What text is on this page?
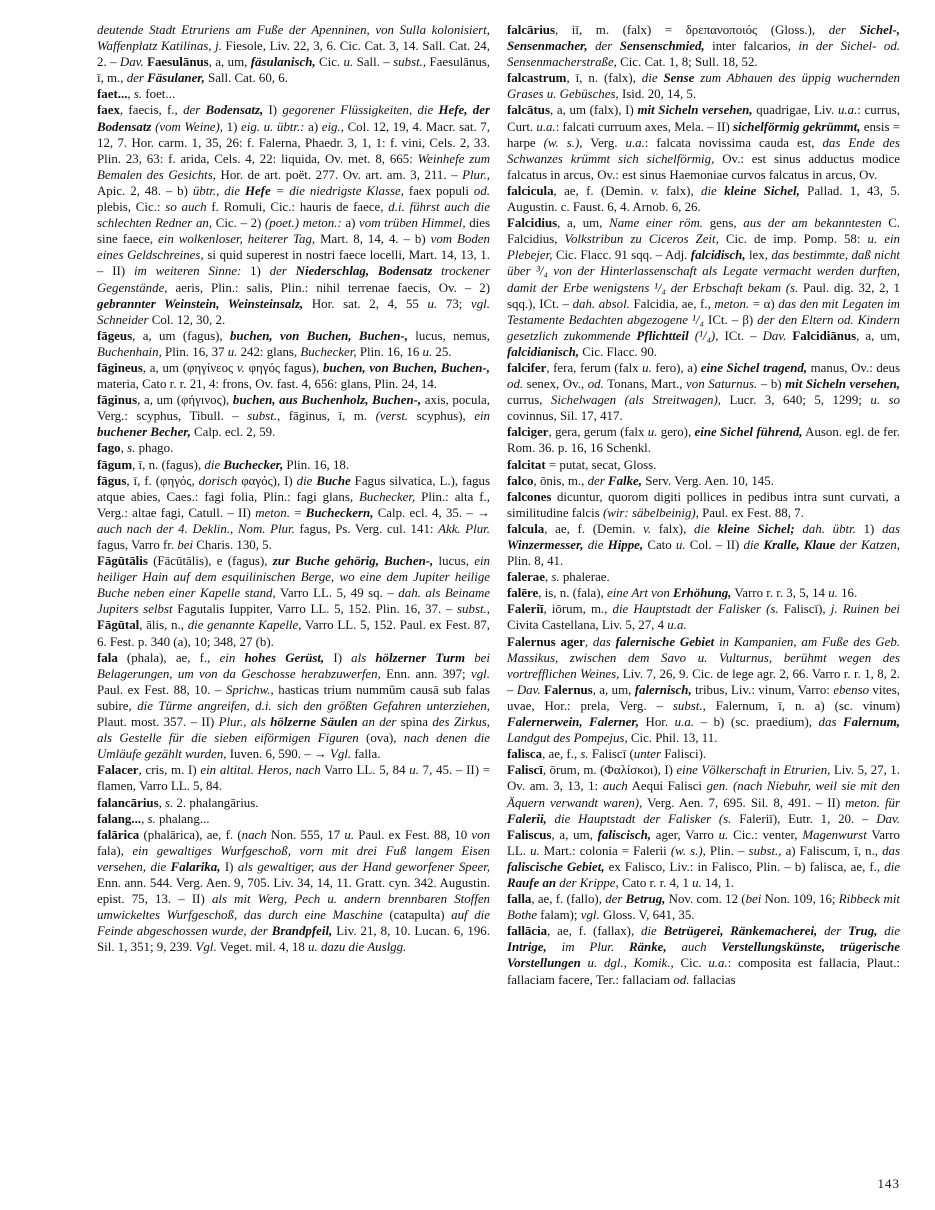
deutende Stadt Etruriens am Fuße der Apenninen, von Sulla kolonisiert, Waffenplatz Katilinas, j. Fiesole, Liv. 22, 3, 6. Cic. Cat. 3, 14. Sall. Cat. 24, 2. – Dav. Faesulānus, a, um, fäsulanisch, Cic. u. Sall. – subst., Faesulānus, ī, m., der Fäsulaner, Sall. Cat. 60, 6.

faet..., s. foet...

faex, faecis, f., der Bodensatz, I) gegorener Flüssigkeiten, die Hefe, der Bodensatz (vom Weine), 1) eig. u. übtr.: a) eig., Col. 12, 19, 4. Macr. sat. 7, 12, 7. Hor. carm. 1, 35, 26: f. Falerna, Phaedr. 3, 1, 1: f. vini, Cels. 2, 33. Plin. 23, 63: f. arida, Cels. 4, 22: liquida, Ov. met. 8, 665: Weinhefe zum Bemalen des Gesichts, Hor. de art. poët. 277. Ov. art. am. 3, 211. – Plur., Apic. 2, 48. – b) übtr., die Hefe = die niedrigste Klasse, faex populi od. plebis, Cic.: so auch f. Romuli, Cic.: hauris de faece, d.i. führst auch die schlechten Redner an, Cic. – 2) (poet.) meton.: a) vom trüben Himmel, dies sine faece, ein wolkenloser, heiterer Tag, Mart. 8, 14, 4. – b) vom Boden eines Geldschreines, si quid superest in nostri faece locelli, Mart. 14, 13, 1. – II) im weiteren Sinne: 1) der Niederschlag, Bodensatz trockener Gegenstände, aeris, Plin.: salis, Plin.: nihil terrenae faecis, Ov. – 2) gebrannter Weinstein, Weinsteinsalz, Hor. sat. 2, 4, 55 u. 73; vgl. Schneider Col. 12, 30, 2.

fāgeus, a, um (fagus), buchen, von Buchen, Buchen-, lucus, nemus, Buchenhain, Plin. 16, 37 u. 242: glans, Buchecker, Plin. 16, 16 u. 25.

fāgineus, a, um (φηγίνεος v. φηγός fagus), buchen, von Buchen, Buchen-, materia, Cato r. r. 21, 4: frons, Ov. fast. 4, 656: glans, Plin. 24, 14.

fāginus, a, um (φήγινος), buchen, aus Buchenholz, Buchen-, axis, pocula, Verg.: scyphus, Tibull. – subst., fāginus, ī, m. (verst. scyphus), ein buchener Becher, Calp. ecl. 2, 59.

fago, s. phago.

fāgum, ī, n. (fagus), die Buchecker, Plin. 16, 18.

fāgus, ī, f. (φηγός, dorisch φαγός), I) die Buche Fagus silvatica, L.), fagus atque abies, Caes.: fagi folia, Plin.: fagi glans, Buchecker, Plin.: alta f., Verg.: altae fagi, Catull. – II) meton. = Bucheckern, Calp. ecl. 4, 35. – → auch nach der 4. Deklin., Nom. Plur. fagus, Ps. Verg. cul. 141: Akk. Plur. fagus, Varro fr. bei Charis. 130, 5.

Fāgūtālis (Fācūtālis), e (fagus), zur Buche gehörig, Buchen-, lucus, ein heiliger Hain auf dem esquilinischen Berge, wo eine dem Jupiter heilige Buche neben einer Kapelle stand, Varro LL. 5, 49 sq. – dah. als Beiname Jupiters selbst Fagutalis Iuppiter, Varro LL. 5, 152. Plin. 16, 37. – subst., Fāgūtal, ālis, n., die genannte Kapelle, Varro LL. 5, 152. Paul. ex Fest. 87, 6. Fest. p. 340 (a), 10; 348, 27 (b).

fala (phala), ae, f., ein hohes Gerüst, I) als hölzerner Turm bei Belagerungen, um von da Geschosse herabzuwerfen, Enn. ann. 397; vgl. Paul. ex Fest. 88, 10. – Sprichw., hasticas trium nummûm causā sub falas subire, die Türme angreifen, d.i. sich den größten Gefahren unterziehen, Plaut. most. 357. – II) Plur., als hölzerne Säulen an der spina des Zirkus, als Gestelle für die sieben eiförmigen Figuren (ova), nach denen die Umläufe gezählt wurden, Iuven. 6, 590. – → Vgl. falla.

Falacer, cris, m. I) ein altital. Heros, nach Varro LL. 5, 84 u. 7, 45. – II) = flamen, Varro LL. 5, 84.

falancārius, s. 2. phalangārius.

falang..., s. phalang...

falārica (phalārica), ae, f. (nach Non. 555, 17 u. Paul. ex Fest. 88, 10 von fala), ein gewaltiges Wurfgeschoß, vorn mit drei Fuß langem Eisen versehen, die Falarika, I) als gewaltiger, aus der Hand geworfener Speer, Enn. ann. 544. Verg. Aen. 9, 705. Liv. 34, 14, 11. Gratt. cyn. 342. Augustin. epist. 75, 13. – II) als mit Werg, Pech u. andern brennbaren Stoffen umwickeltes Wurfgeschoß, das durch eine Maschine (catapulta) auf die Feinde abgeschossen wurde, der Brandpfeil, Liv. 21, 8, 10. Lucan. 6, 196. Sil. 1, 351; 9, 239. Vgl. Veget. mil. 4, 18 u. dazu die Auslgg.

falcārius, iī, m. (falx) = δρεπανοποιός (Gloss.), der Sichel-, Sensenmacher, der Sensenschmied, inter falcarios, in der Sichel- od. Sensenmacherstraße, Cic. Cat. 1, 8; Sull. 18, 52.

falcastrum, ī, n. (falx), die Sense zum Abhauen des üppig wuchernden Grases u. Gebüsches, Isid. 20, 14, 5.

falcātus, a, um (falx), I) mit Sicheln versehen, quadrigae, Liv. u.a.: currus, Curt. u.a.: falcati curruum axes, Mela. – II) sichelförmig gekrümmt, ensis = harpe (w. s.), Verg. u.a.: falcata novissima cauda est, das Ende des Schwanzes krümmt sich sichelförmig, Ov.: est sinus adductus modice falcatus in arcus, Ov.: est sinus Haemoniae curvos falcatus in arcus, Ov.

falcicula, ae, f. (Demin. v. falx), die kleine Sichel, Pallad. 1, 43, 5. Augustin. c. Faust. 6, 4. Arnob. 6, 26.

Falcidius, a, um, Name einer röm. gens, aus der am bekanntesten C. Falcidius, Volkstribun zu Ciceros Zeit, Cic. de imp. Pomp. 58: u. ein Plebejer, Cic. Flacc. 91 sqq. – Adj. falcidisch, lex, das bestimmte, daß nicht über ³/₄ von der Hinterlassenschaft als Legate vermacht werden durften, damit der Erbe wenigstens ¹/₄ der Erbschaft bekam (s. Paul. dig. 32, 2, 1 sqq.), ICt. – dah. absol. Falcidia, ae, f., meton. = α) das den mit Legaten im Testamente Bedachten abgezogene ¹/₄ ICt. – β) der den Eltern od. Kindern gesetzlich zukommende Pflichtteil (¹/₄), ICt. – Dav. Falcidiānus, a, um, falcidianisch, Cic. Flacc. 90.

falcifer, fera, ferum (falx u. fero), a) eine Sichel tragend, manus, Ov.: deus od. senex, Ov., od. Tonans, Mart., von Saturnus. – b) mit Sicheln versehen, currus, Sichelwagen (als Streitwagen), Lucr. 3, 640; 5, 1299; u. so covinnus, Sil. 17, 417.

falciger, gera, gerum (falx u. gero), eine Sichel führend, Auson. egl. de fer. Rom. 36. p. 16, 16 Schenkl.

falcitat = putat, secat, Gloss.

falco, ōnis, m., der Falke, Serv. Verg. Aen. 10, 145.

falcones dicuntur, quorom digiti pollices in pedibus intra sunt curvati, a similitudine falcis (wir: säbelbeinig), Paul. ex Fest. 88, 7.

falcula, ae, f. (Demin. v. falx), die kleine Sichel; dah. übtr. 1) das Winzermesser, die Hippe, Cato u. Col. – II) die Kralle, Klaue der Katzen, Plin. 8, 41.

falerae, s. phalerae.

falēre, is, n. (fala), eine Art von Erhöhung, Varro r. r. 3, 5, 14 u. 16.

Faleriī, iōrum, m., die Hauptstadt der Falisker (s. Faliscī), j. Ruinen bei Civita Castellana, Liv. 5, 27, 4 u.a.

Falernus ager, das falernische Gebiet in Kampanien, am Fuße des Geb. Massikus, zwischen dem Savo u. Vulturnus, berühmt wegen des vortrefflichen Weines, Liv. 7, 26, 9. Cic. de lege agr. 2, 66. Varro r. r. 1, 8, 2. – Dav. Falernus, a, um, falernisch, tribus, Liv.: vinum, Varro: ebenso vites, uvae, Hor.: prela, Verg. – subst., Falernum, ī, n. a) (sc. vinum) Falernerwein, Falerner, Hor. u.a. – b) (sc. praedium), das Falernum, Landgut des Pompejus, Cic. Phil. 13, 11.

falisca, ae, f., s. Faliscī (unter Falisci).

Faliscī, ōrum, m. (Φαλίσκοι), I) eine Völkerschaft in Etrurien, Liv. 5, 27, 1. Ov. am. 3, 13, 1: auch Aequi Falisci gen. (nach Niebuhr, weil sie mit den Äquern verwandt waren), Verg. Aen. 7, 695. Sil. 8, 491. – II) meton. für Falerii, die Hauptstadt der Falisker (s. Faleriī), Eutr. 1, 20. – Dav. Faliscus, a, um, faliscisch, ager, Varro u. Cic.: venter, Magenwurst Varro LL. u. Mart.: colonia = Falerii (w. s.), Plin. – subst., a) Faliscum, ī, n., das faliscische Gebiet, ex Falisco, Liv.: in Falisco, Plin. – b) falisca, ae, f., die Raufe an der Krippe, Cato r. r. 4, 1 u. 14, 1.

falla, ae, f. (fallo), der Betrug, Nov. com. 12 (bei Non. 109, 16; Ribbeck mit Bothe falam); vgl. Gloss. V, 641, 35.

fallācia, ae, f. (fallax), die Betrügerei, Ränkemacherei, der Trug, die Intrige, im Plur. Ränke, auch Verstellungskünste, trügerische Vorstellungen u. dgl., Komik., Cic. u.a.: composita est fallacia, Plaut.: fallaciam facere, Ter.: fallaciam od. fallacias

143
